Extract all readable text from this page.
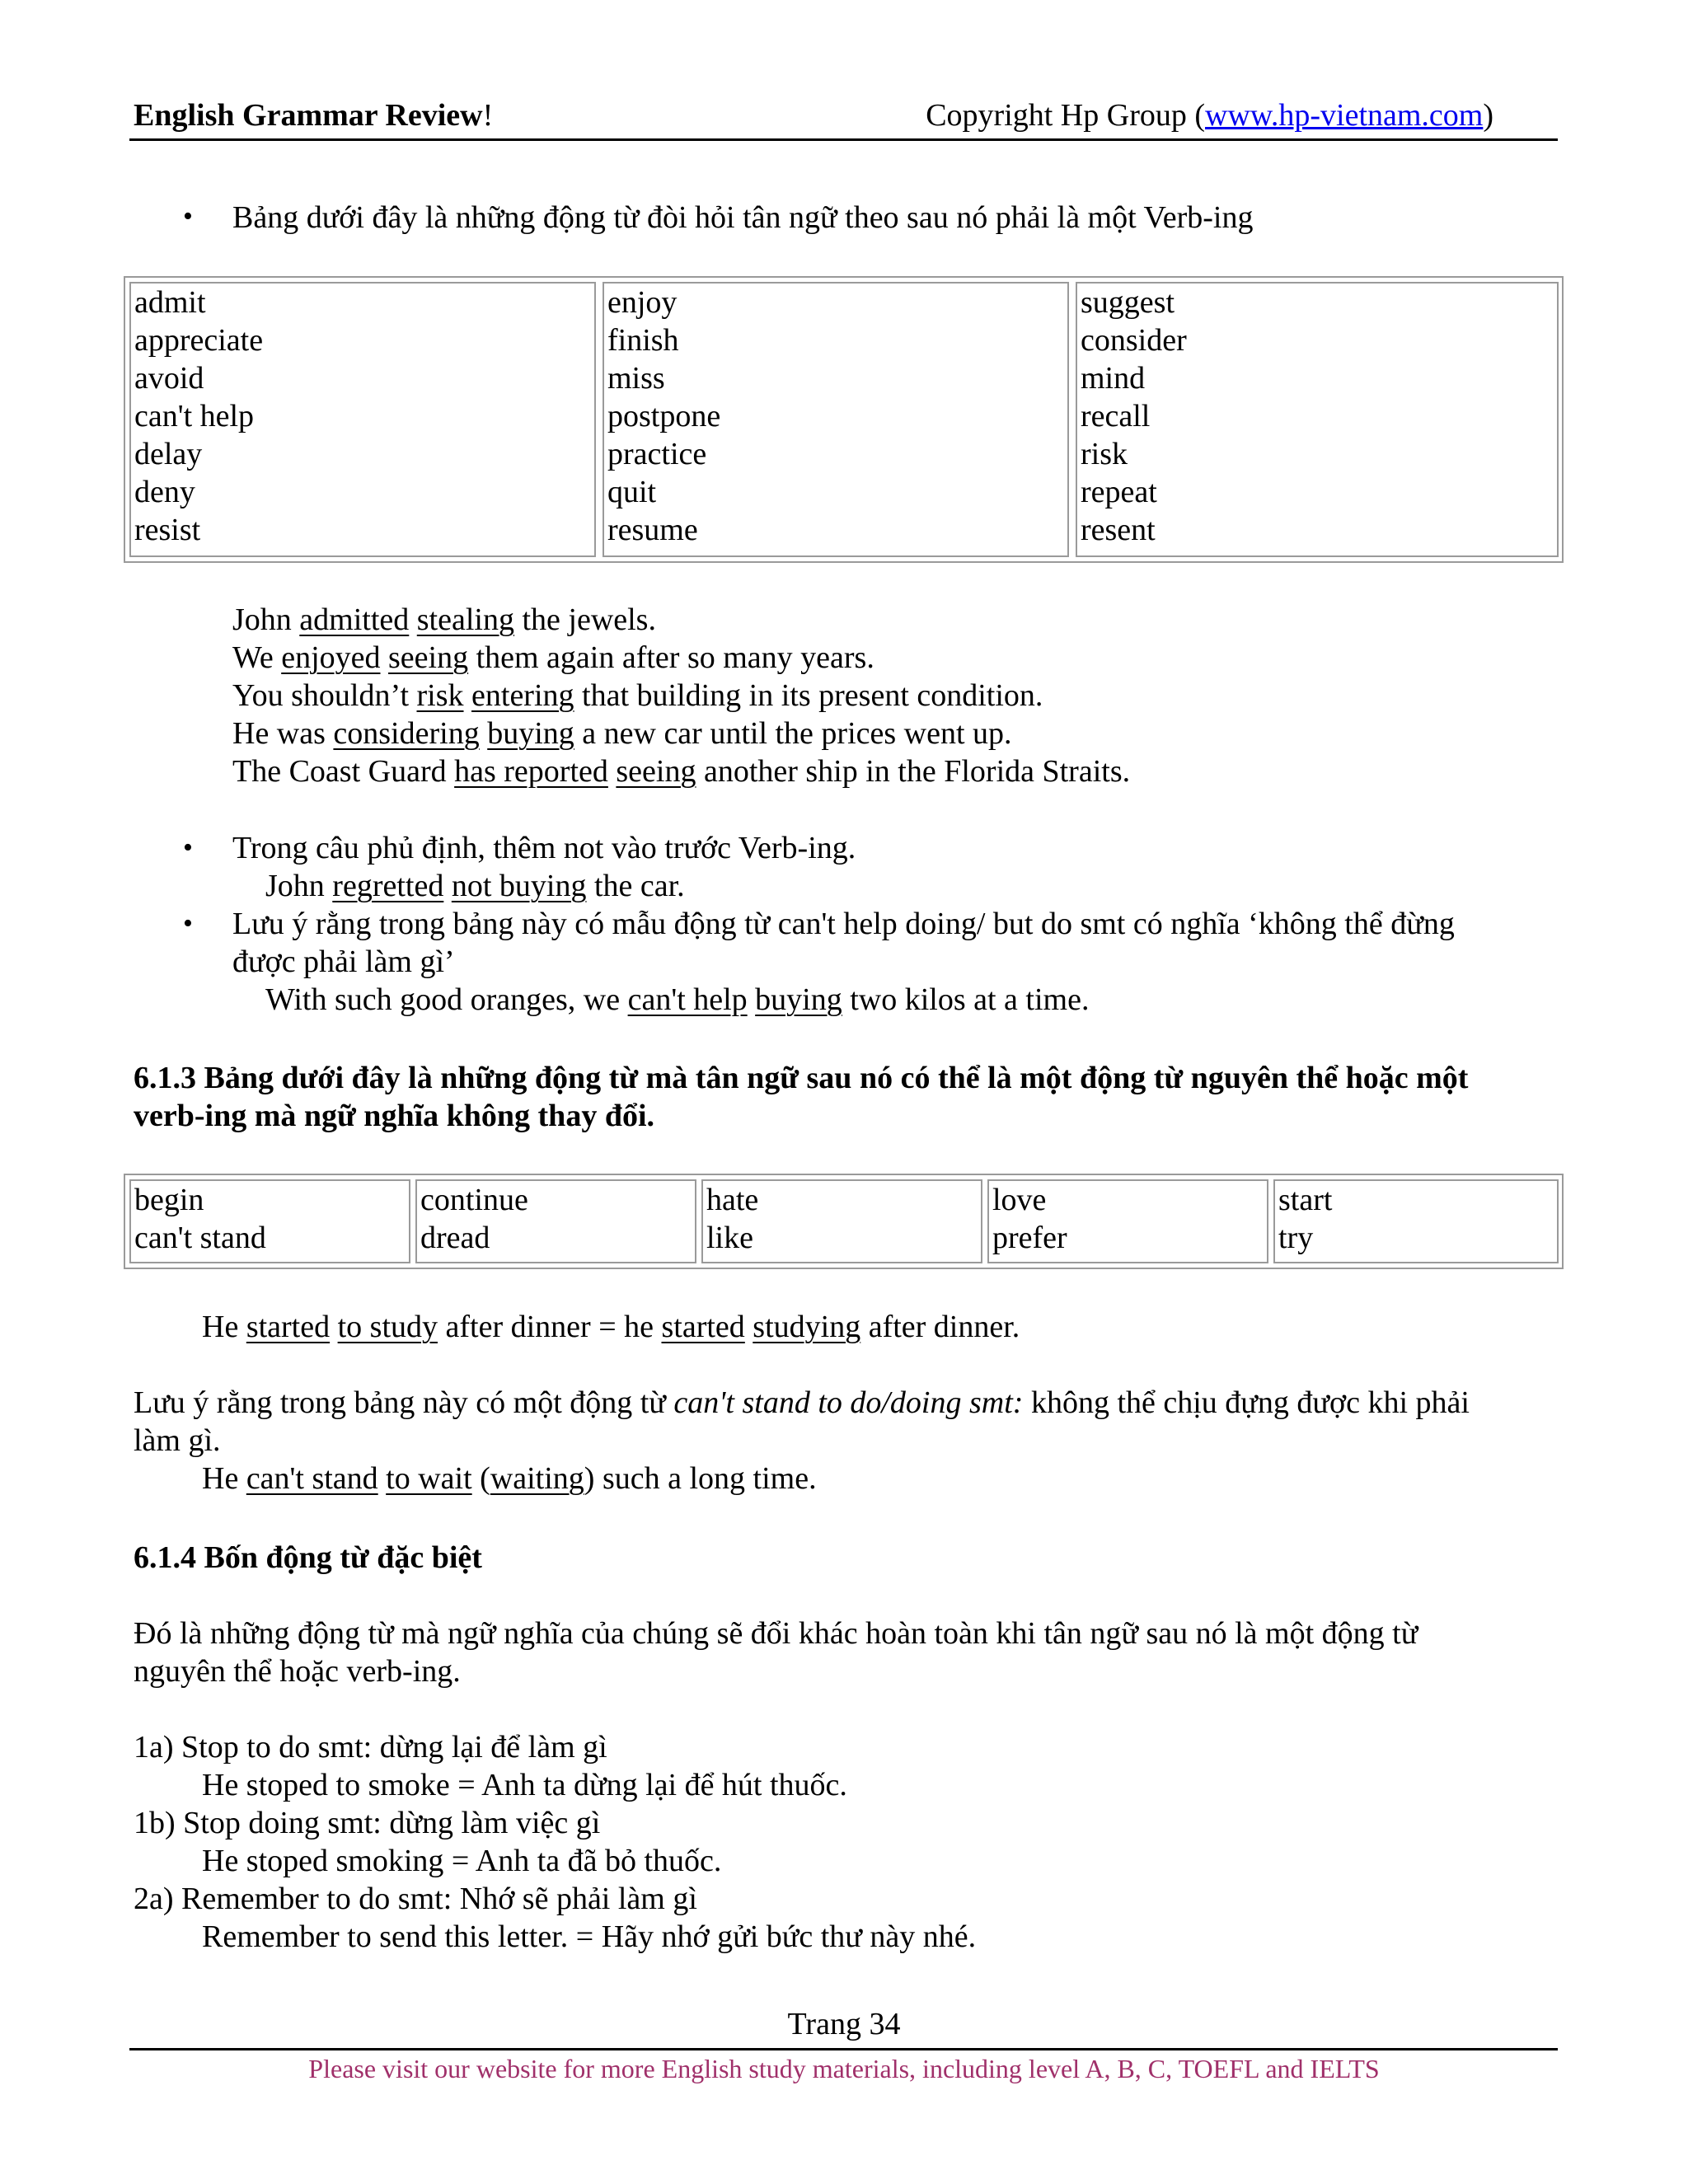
English Grammar Review!	Copyright Hp Group (www.hp-vietnam.com)
• Bảng dưới đây là những động từ đòi hỏi tân ngữ theo sau nó phải là một Verb-ing
admit
appreciate
avoid
can't help
delay
deny
resist
enjoy
finish
miss
postpone
practice
quit
resume
suggest
consider
mind
recall
risk
repeat
resent
John admitted stealing the jewels.
We enjoyed seeing them again after so many years.
You shouldn’t risk entering that building in its present condition.
He was considering buying a new car until the prices went up.
The Coast Guard has reported seeing another ship in the Florida Straits.
• Trong câu phủ định, thêm not vào trước Verb-ing.
John regretted not buying the car.
• Lưu ý rằng trong bảng này có mẫu động từ can't help doing/ but do smt có nghĩa ‘không thể đừng
được phải làm gì’
With such good oranges, we can't help buying two kilos at a time.
6.1.3 Bảng dưới đây là những động từ mà tân ngữ sau nó có thể là một động từ nguyên thể hoặc một
verb-ing mà ngữ nghĩa không thay đổi.
begin
can't stand
continue
dread
hate
like
love
prefer
start
try
He started to study after dinner = he started studying after dinner.
Lưu ý rằng trong bảng này có một động từ can't stand to do/doing smt: không thể chịu đựng được khi phải
làm gì.
He can't stand to wait (waiting) such a long time.
6.1.4 Bốn động từ đặc biệt
Đó là những động từ mà ngữ nghĩa của chúng sẽ đổi khác hoàn toàn khi tân ngữ sau nó là một động từ
nguyên thể hoặc verb-ing.
1a) Stop to do smt: dừng lại để làm gì
He stoped to smoke = Anh ta dừng lại để hút thuốc.
1b) Stop doing smt: dừng làm việc gì
He stoped smoking = Anh ta đã bỏ thuốc.
2a) Remember to do smt: Nhớ sẽ phải làm gì
Remember to send this letter. = Hãy nhớ gửi bức thư này nhé.
Trang 34
Please visit our website for more English study materials, including level A, B, C, TOEFL and IELTS
